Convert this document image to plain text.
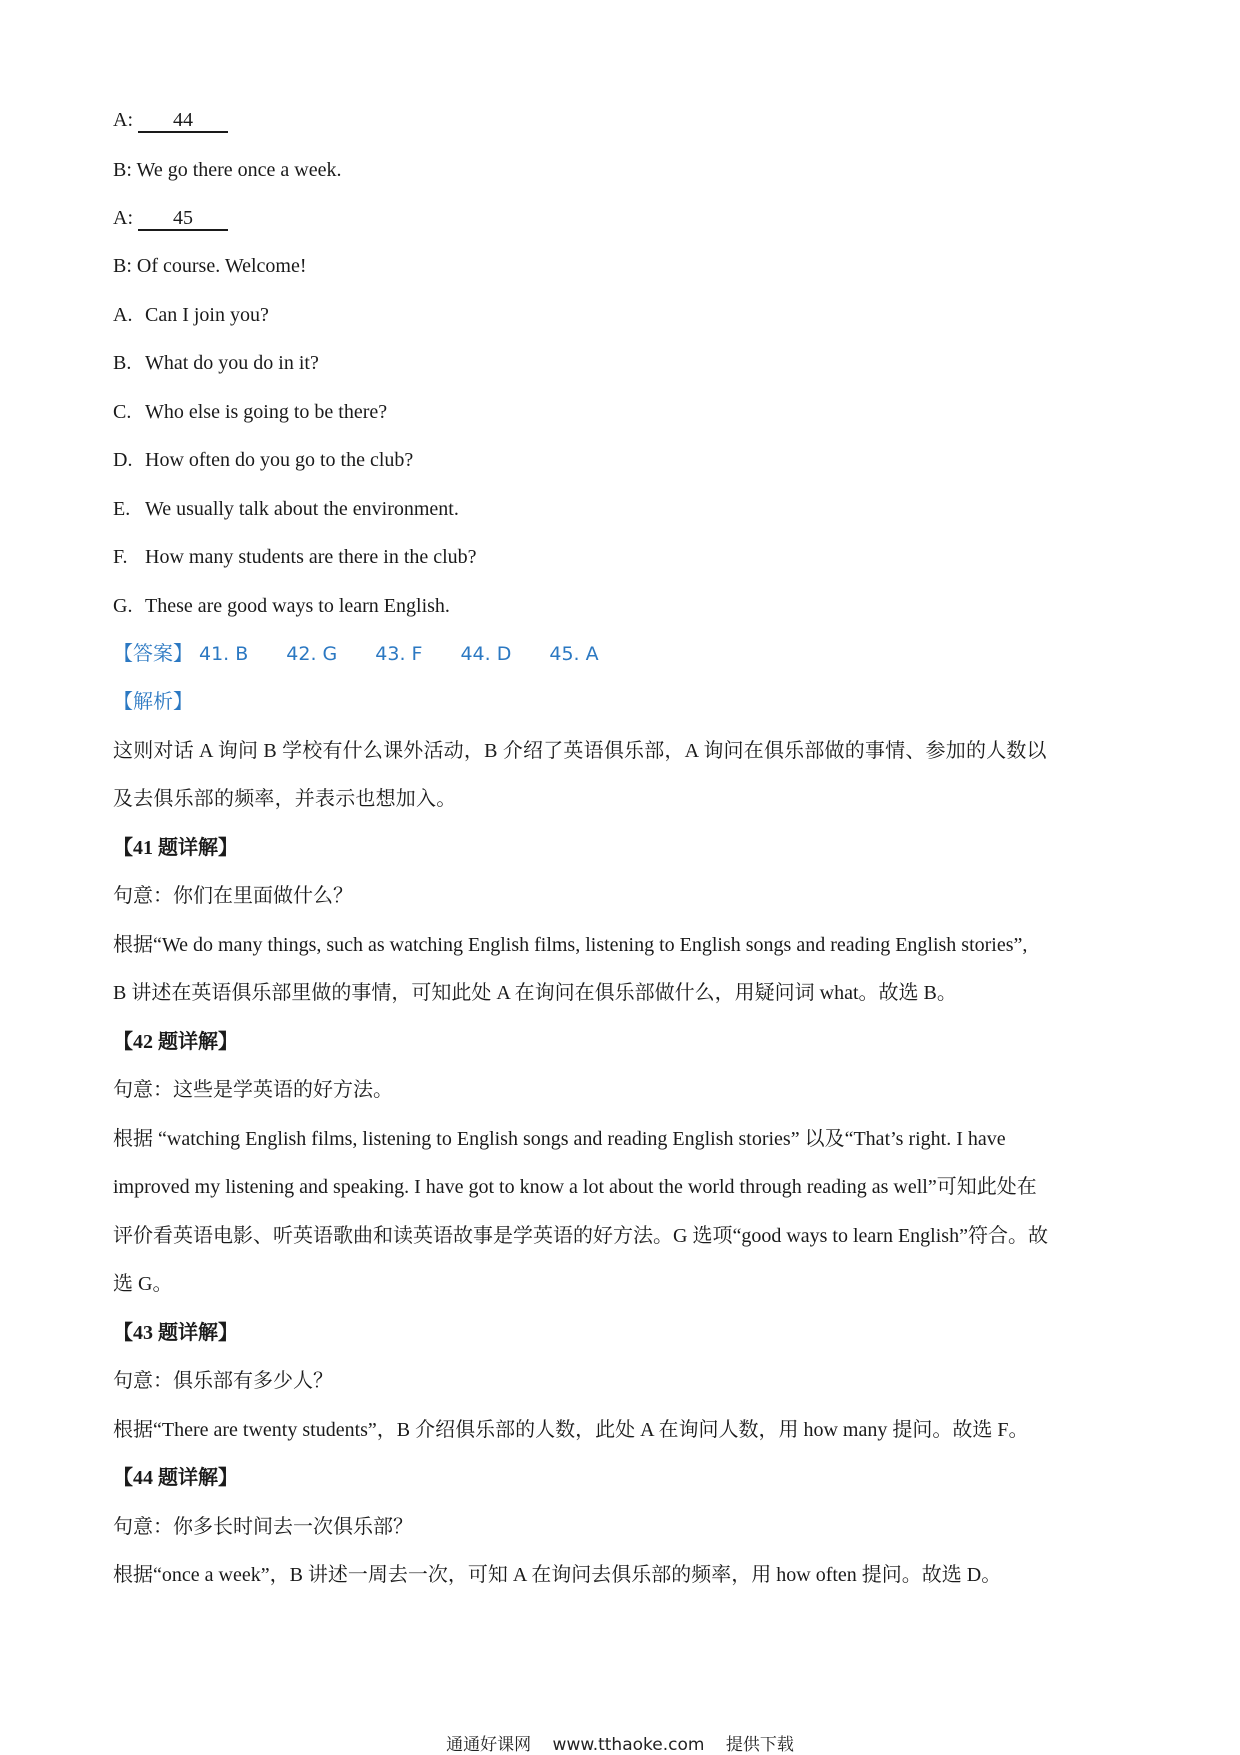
A: 44
B: We go there once a week.
A: 45
B: Of course. Welcome!
A. Can I join you?
B. What do you do in it?
C. Who else is going to be there?
D. How often do you go to the club?
E. We usually talk about the environment.
F. How many students are there in the club?
G. These are good ways to learn English.
【答案】 41. B 42. G 43. F 44. D 45. A
【解析】
这则对话 A 询问 B 学校有什么课外活动，B 介绍了英语俱乐部，A 询问在俱乐部做的事情、参加的人数以
及去俱乐部的频率，并表示也想加入。
【41 题详解】
句意：你们在里面做什么？
根据“We do many things, such as watching English films, listening to English songs and reading English stories”,
B 讲述在英语俱乐部里做的事情，可知此处 A 在询问在俱乐部做什么，用疑问词 what。故选 B。
【42 题详解】
句意：这些是学英语的好方法。
根据 “watching English films, listening to English songs and reading English stories” 以及“That’s right. I have
improved my listening and speaking. I have got to know a lot about the world through reading as well”可知此处在
评价看英语电影、听英语歌曲和读英语故事是学英语的好方法。G 选项“good ways to learn English”符合。故
选 G。
【43 题详解】
句意：俱乐部有多少人？
根据“There are twenty students”，B 介绍俱乐部的人数，此处 A 在询问人数，用 how many 提问。故选 F。
【44 题详解】
句意：你多长时间去一次俱乐部？
根据“once a week”，B 讲述一周去一次，可知 A 在询问去俱乐部的频率，用 how often 提问。故选 D。
通通好课网 www.tthaoke.com 提供下载
